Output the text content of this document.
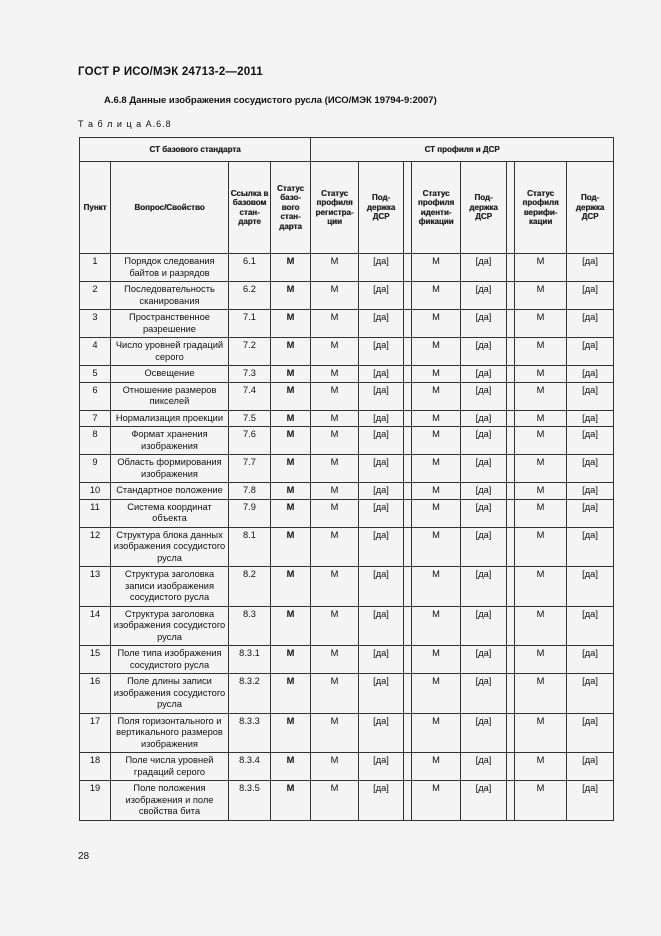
ГОСТ Р ИСО/МЭК 24713-2—2011
А.6.8 Данные изображения сосудистого русла (ИСО/МЭК 19794-9:2007)
Т а б л и ц а А.6.8
СТ базового стандарта				СТ профиля и ДСР							
Пункт	Вопрос/Свойство	Ссылка в базовом стан-дарте	Статус базо-вого стан-дарта	Статус профиля регистра-ции	Под-держка ДСР		Статус профиля иденти-фикации	Под-держка ДСР		Статус профиля верифи-кации	Под-держка ДСР
1	Порядок следования байтов и разрядов	6.1	М	М	[да]		М	[да]		М	[да]
2	Последовательность сканирования	6.2	М	М	[да]		М	[да]		М	[да]
3	Пространственное разрешение	7.1	М	М	[да]		М	[да]		М	[да]
4	Число уровней градаций серого	7.2	М	М	[да]		М	[да]		М	[да]
5	Освещение	7.3	М	М	[да]		М	[да]		М	[да]
6	Отношение размеров пикселей	7.4	М	М	[да]		М	[да]		М	[да]
7	Нормализация проекции	7.5	М	М	[да]		М	[да]		М	[да]
8	Формат хранения изображения	7.6	М	М	[да]		М	[да]		М	[да]
9	Область формирования изображения	7.7	М	М	[да]		М	[да]		М	[да]
10	Стандартное положение	7.8	М	М	[да]		М	[да]		М	[да]
11	Система координат объекта	7.9	М	М	[да]		М	[да]		М	[да]
12	Структура блока данных изображения сосудистого русла	8.1	М	М	[да]		М	[да]		М	[да]
13	Структура заголовка записи изображения сосудистого русла	8.2	М	М	[да]		М	[да]		М	[да]
14	Структура заголовка изображения сосудистого русла	8.3	М	М	[да]		М	[да]		М	[да]
15	Поле типа изображения сосудистого русла	8.3.1	М	М	[да]		М	[да]		М	[да]
16	Поле длины записи изображения сосудистого русла	8.3.2	М	М	[да]		М	[да]		М	[да]
17	Поля горизонтального и вертикального размеров изображения	8.3.3	М	М	[да]		М	[да]		М	[да]
18	Поле числа уровней градаций серого	8.3.4	М	М	[да]		М	[да]		М	[да]
19	Поле положения изображения и поле свойства бита	8.3.5	М	М	[да]		М	[да]		М	[да]
28
